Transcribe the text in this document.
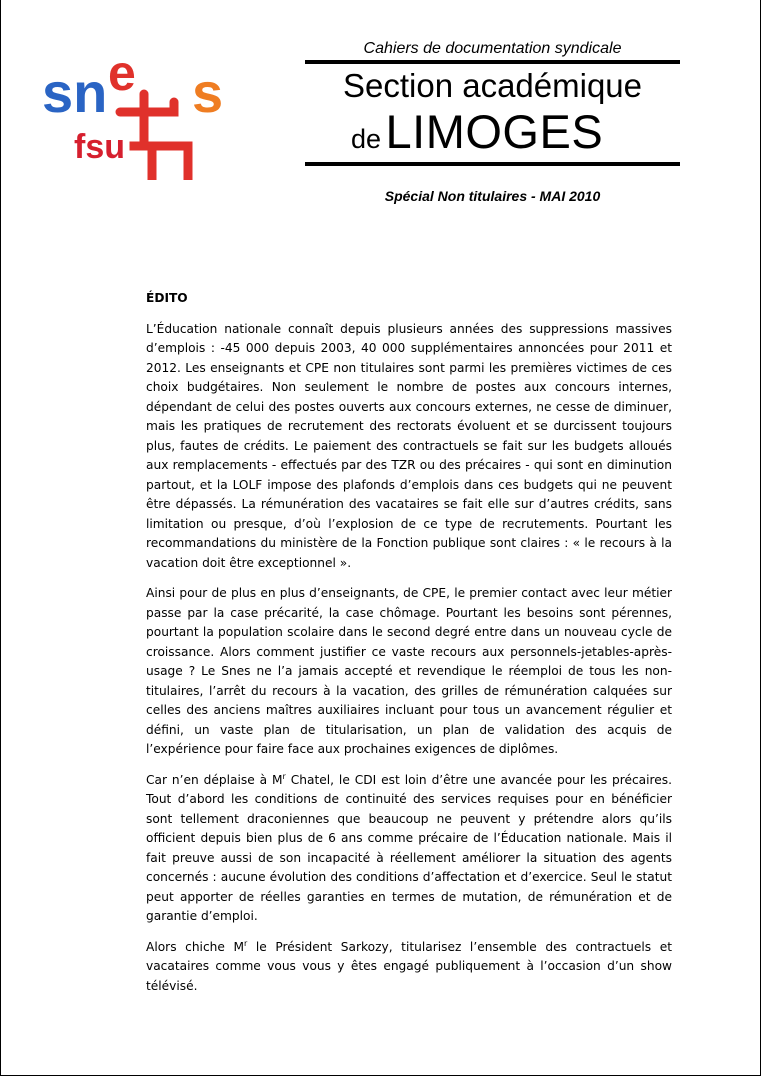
sn e s
fsu
Cahiers de documentation syndicale
Section académique
de LIMOGES
Spécial Non titulaires - MAI 2010
ÉDITO

L’Éducation nationale connaît depuis plusieurs années des suppressions massives d’emplois : -45 000 depuis 2003, 40 000 supplémentaires annoncées pour 2011 et 2012. Les enseignants et CPE non titulaires sont parmi les premières victimes de ces choix budgétaires. Non seulement le nombre de postes aux concours internes, dépendant de celui des postes ouverts aux concours externes, ne cesse de diminuer, mais les pratiques de recrutement des rectorats évoluent et se durcissent toujours plus, fautes de crédits. Le paiement des contractuels se fait sur les budgets alloués aux remplacements - effectués par des TZR ou des précaires - qui sont en diminution partout, et la LOLF impose des plafonds d’emplois dans ces budgets qui ne peuvent être dépassés. La rémunération des vacataires se fait elle sur d’autres crédits, sans limitation ou presque, d’où l’explosion de ce type de recrutements. Pourtant les recommandations du ministère de la Fonction publique sont claires : « le recours à la vacation doit être exceptionnel ».

Ainsi pour de plus en plus d’enseignants, de CPE, le premier contact avec leur métier passe par la case précarité, la case chômage. Pourtant les besoins sont pérennes, pourtant la population scolaire dans le second degré entre dans un nouveau cycle de croissance. Alors comment justifier ce vaste recours aux personnels-jetables-après-usage ? Le Snes ne l’a jamais accepté et revendique le réemploi de tous les non-titulaires, l’arrêt du recours à la vacation, des grilles de rémunération calquées sur celles des anciens maîtres auxiliaires incluant pour tous un avancement régulier et défini, un vaste plan de titularisation, un plan de validation des acquis de l’expérience pour faire face aux prochaines exigences de diplômes.

Car n’en déplaise à $M^r$ Chatel, le CDI est loin d’être une avancée pour les précaires. Tout d’abord les conditions de continuité des services requises pour en bénéficier sont tellement draconiennes que beaucoup ne peuvent y prétendre alors qu’ils officient depuis bien plus de 6 ans comme précaire de l’Éducation nationale. Mais il fait preuve aussi de son incapacité à réellement améliorer la situation des agents concernés : aucune évolution des conditions d’affectation et d’exercice. Seul le statut peut apporter de réelles garanties en termes de mutation, de rémunération et de garantie d’emploi.

Alors chiche $M^r$ le Président Sarkozy, titularisez l’ensemble des contractuels et vacataires comme vous vous y êtes engagé publiquement à l’occasion d’un show télévisé.
